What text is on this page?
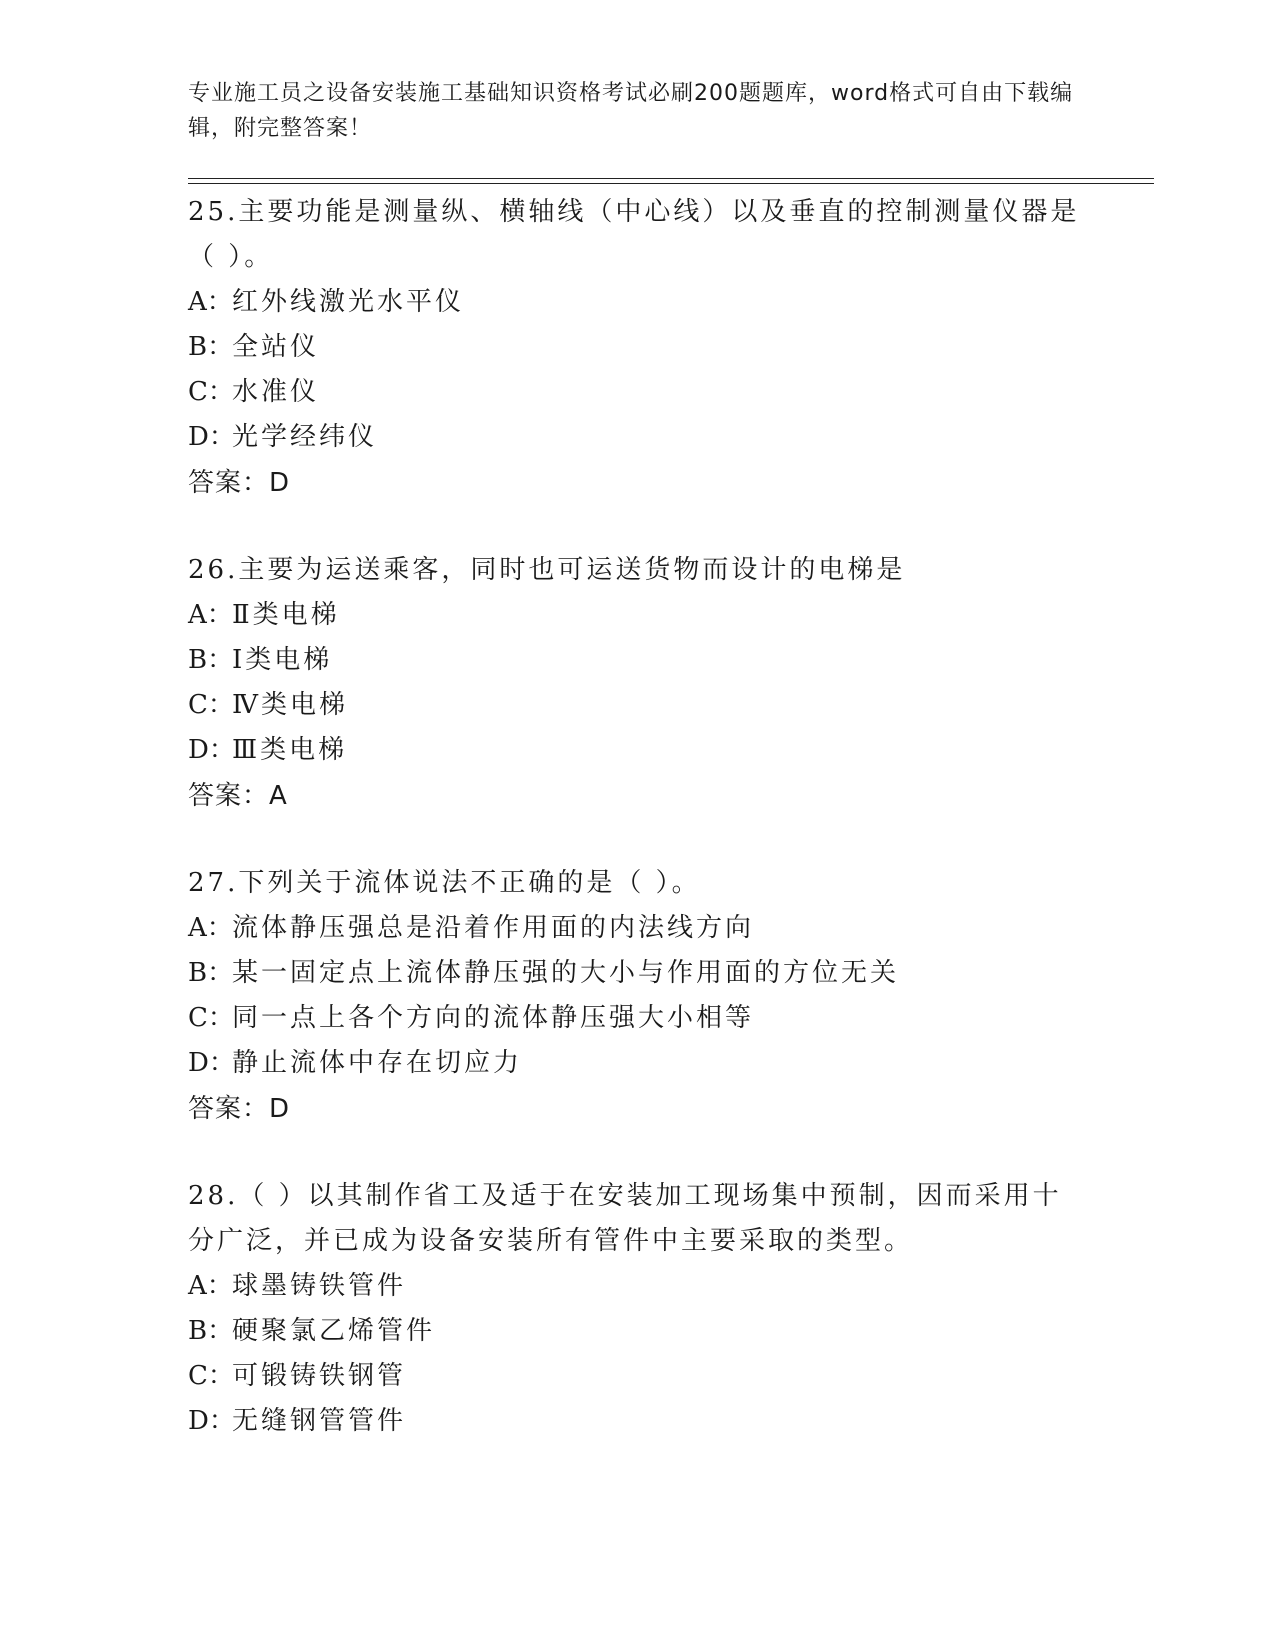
专业施工员之设备安装施工基础知识资格考试必刷200题题库，word格式可自由下载编辑，附完整答案！

25.主要功能是测量纵、横轴线（中心线）以及垂直的控制测量仪器是（ ）。

A：红外线激光水平仪
B：全站仪
C：水准仪
D：光学经纬仪

答案：D

26.主要为运送乘客，同时也可运送货物而设计的电梯是

A：Ⅱ类电梯
B：Ⅰ类电梯
C：Ⅳ类电梯
D：Ⅲ类电梯

答案：A

27.下列关于流体说法不正确的是（ ）。

A：流体静压强总是沿着作用面的内法线方向
B：某一固定点上流体静压强的大小与作用面的方位无关
C：同一点上各个方向的流体静压强大小相等
D：静止流体中存在切应力

答案：D

28.（ ）以其制作省工及适于在安装加工现场集中预制，因而采用十分广泛，并已成为设备安装所有管件中主要采取的类型。

A：球墨铸铁管件
B：硬聚氯乙烯管件
C：可锻铸铁钢管
D：无缝钢管管件
